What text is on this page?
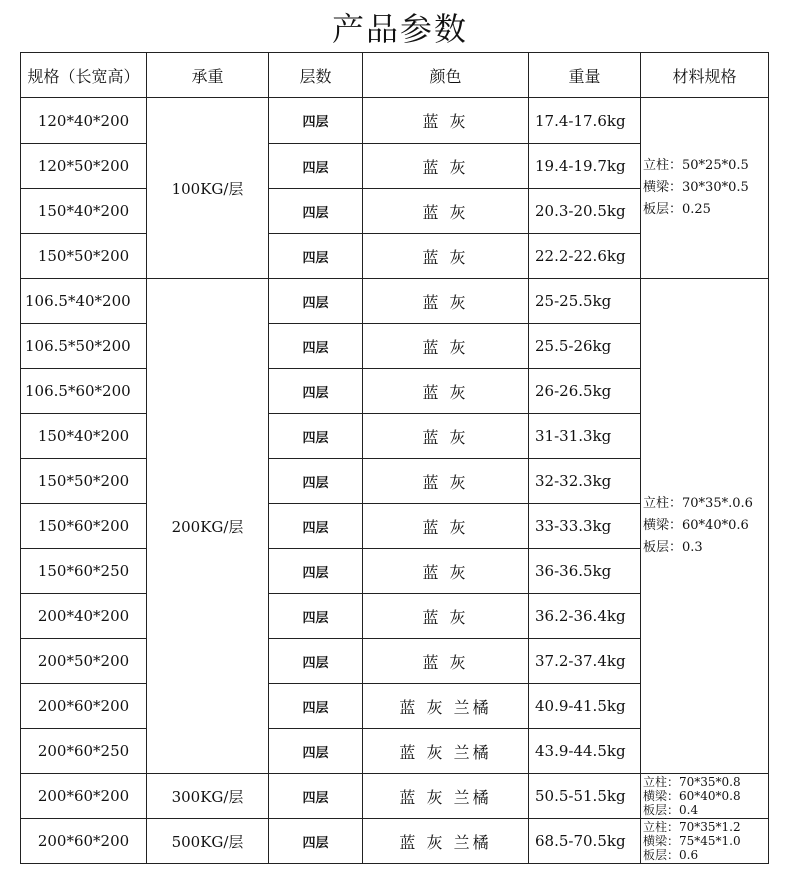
产品参数
规格（长宽高）	承重	层数	颜色	重量	材料规格
120*40*200	100KG/层	四层	蓝 灰	17.4-17.6kg	立柱：50*25*0.5
横梁：30*30*0.5
板层：0.25

120*50*200		四层	蓝 灰	19.4-19.7kg	
150*40*200		四层	蓝 灰	20.3-20.5kg	
150*50*200		四层	蓝 灰	22.2-22.6kg	
106.5*40*200	200KG/层	四层	蓝 灰	25-25.5kg	立柱：70*35*.0.6
横梁：60*40*0.6
板层：0.3

106.5*50*200		四层	蓝 灰	25.5-26kg	
106.5*60*200		四层	蓝 灰	26-26.5kg	
150*40*200		四层	蓝 灰	31-31.3kg	
150*50*200		四层	蓝 灰	32-32.3kg	
150*60*200		四层	蓝 灰	33-33.3kg	
150*60*250		四层	蓝 灰	36-36.5kg	
200*40*200		四层	蓝 灰	36.2-36.4kg	
200*50*200		四层	蓝 灰	37.2-37.4kg	
200*60*200		四层	蓝 灰 兰橘	40.9-41.5kg	
200*60*250		四层	蓝 灰 兰橘	43.9-44.5kg	
200*60*200	300KG/层	四层	蓝 灰 兰橘	50.5-51.5kg	立柱：70*35*0.8
横梁：60*40*0.8
板层：0.4

200*60*200	500KG/层	四层	蓝 灰 兰橘	68.5-70.5kg	立柱：70*35*1.2
横梁：75*45*1.0
板层：0.6
